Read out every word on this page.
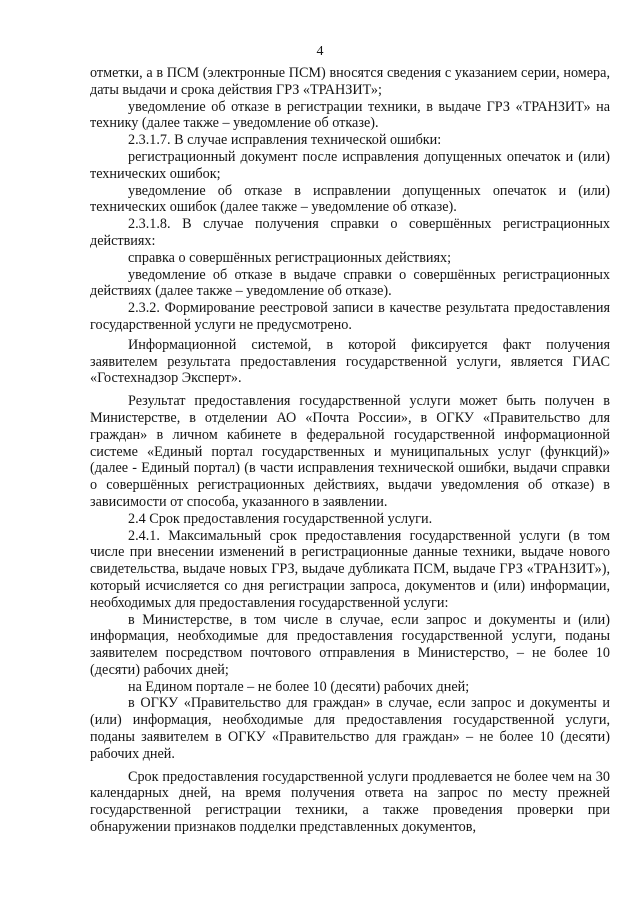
4

отметки, а в ПСМ (электронные ПСМ) вносятся сведения с указанием серии, номера, даты выдачи и срока действия ГРЗ «ТРАНЗИТ»;

уведомление об отказе в регистрации техники, в выдаче ГРЗ «ТРАНЗИТ» на технику (далее также – уведомление об отказе).

2.3.1.7. В случае исправления технической ошибки:

регистрационный документ после исправления допущенных опечаток и (или) технических ошибок;

уведомление об отказе в исправлении допущенных опечаток и (или) технических ошибок (далее также – уведомление об отказе).

2.3.1.8. В случае получения справки о совершённых регистрационных действиях:

справка о совершённых регистрационных действиях;

уведомление об отказе в выдаче справки о совершённых регистрационных действиях (далее также – уведомление об отказе).

2.3.2. Формирование реестровой записи в качестве результата предоставления государственной услуги не предусмотрено.

Информационной системой, в которой фиксируется факт получения заявителем результата предоставления государственной услуги, является ГИАС «Гостехнадзор Эксперт».

Результат предоставления государственной услуги может быть получен в Министерстве, в отделении АО «Почта России», в ОГКУ «Правительство для граждан» в личном кабинете в федеральной государственной информационной системе «Единый портал государственных и муниципальных услуг (функций)» (далее - Единый портал) (в части исправления технической ошибки, выдачи справки о совершённых регистрационных действиях, выдачи уведомления об отказе) в зависимости от способа, указанного в заявлении.

2.4 Срок предоставления государственной услуги.

2.4.1. Максимальный срок предоставления государственной услуги (в том числе при внесении изменений в регистрационные данные техники, выдаче нового свидетельства, выдаче новых ГРЗ, выдаче дубликата ПСМ, выдаче ГРЗ «ТРАНЗИТ»), который исчисляется со дня регистрации запроса, документов и (или) информации, необходимых для предоставления государственной услуги:

в Министерстве, в том числе в случае, если запрос и документы и (или) информация, необходимые для предоставления государственной услуги, поданы заявителем посредством почтового отправления в Министерство, – не более 10 (десяти) рабочих дней;

на Едином портале – не более 10 (десяти) рабочих дней;

в ОГКУ «Правительство для граждан» в случае, если запрос и документы и (или) информация, необходимые для предоставления государственной услуги, поданы заявителем в ОГКУ «Правительство для граждан» – не более 10 (десяти) рабочих дней.

Срок предоставления государственной услуги продлевается не более чем на 30 календарных дней, на время получения ответа на запрос по месту прежней государственной регистрации техники, а также проведения проверки при обнаружении признаков подделки представленных документов,
